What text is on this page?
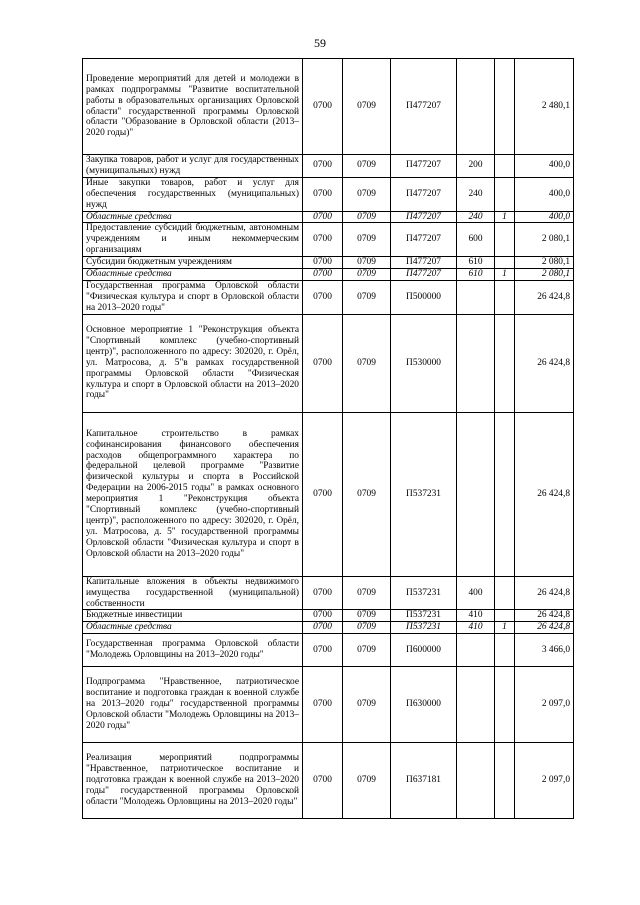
59
Проведение мероприятий для детей и молодежи в рамках подпрограммы "Развитие воспитательной работы в образовательных организациях Орловской области" государственной программы Орловской области "Образование в Орловской области (2013–2020 годы)"	0700	0709	П477207			2 480,1
Закупка товаров, работ и услуг для государственных (муниципальных) нужд	0700	0709	П477207	200		400,0
Иные закупки товаров, работ и услуг для обеспечения государственных (муниципальных) нужд	0700	0709	П477207	240		400,0
Областные средства	0700	0709	П477207	240	1	400,0
Предоставление субсидий бюджетным, автономным учреждениям и иным некоммерческим организациям	0700	0709	П477207	600		2 080,1
Субсидии бюджетным учреждениям	0700	0709	П477207	610		2 080,1
Областные средства	0700	0709	П477207	610	1	2 080,1
Государственная программа Орловской области "Физическая культура и спорт в Орловской области на 2013–2020 годы"	0700	0709	П500000			26 424,8
Основное мероприятие 1 "Реконструкция объекта "Спортивный комплекс (учебно-спортивный центр)", расположенного по адресу: 302020, г. Орёл, ул. Матросова, д. 5"в рамках государственной программы Орловской области "Физическая культура и спорт в Орловской области на 2013–2020 годы"	0700	0709	П530000			26 424,8
Капитальное строительство в рамках софинансирования финансового обеспечения расходов общепрограммного характера по федеральной целевой программе "Развитие физической культуры и спорта в Российской Федерации на 2006-2015 годы" в рамках основного мероприятия 1 "Реконструкция объекта "Спортивный комплекс (учебно-спортивный центр)", расположенного по адресу: 302020, г. Орёл, ул. Матросова, д. 5" государственной программы Орловской области "Физическая культура и спорт в Орловской области на 2013–2020 годы"	0700	0709	П537231			26 424,8
Капитальные вложения в объекты недвижимого имущества государственной (муниципальной) собственности	0700	0709	П537231	400		26 424,8
Бюджетные инвестиции	0700	0709	П537231	410		26 424,8
Областные средства	0700	0709	П537231	410	1	26 424,8
Государственная программа Орловской области "Молодежь Орловщины на 2013–2020 годы"	0700	0709	П600000			3 466,0
Подпрограмма "Нравственное, патриотическое воспитание и подготовка граждан к военной службе на 2013–2020 годы" государственной программы Орловской области "Молодежь Орловщины на 2013–2020 годы"	0700	0709	П630000			2 097,0
Реализация мероприятий подпрограммы "Нравственное, патриотическое воспитание и подготовка граждан к военной службе на 2013–2020 годы" государственной программы Орловской области "Молодежь Орловщины на 2013–2020 годы"	0700	0709	П637181			2 097,0
